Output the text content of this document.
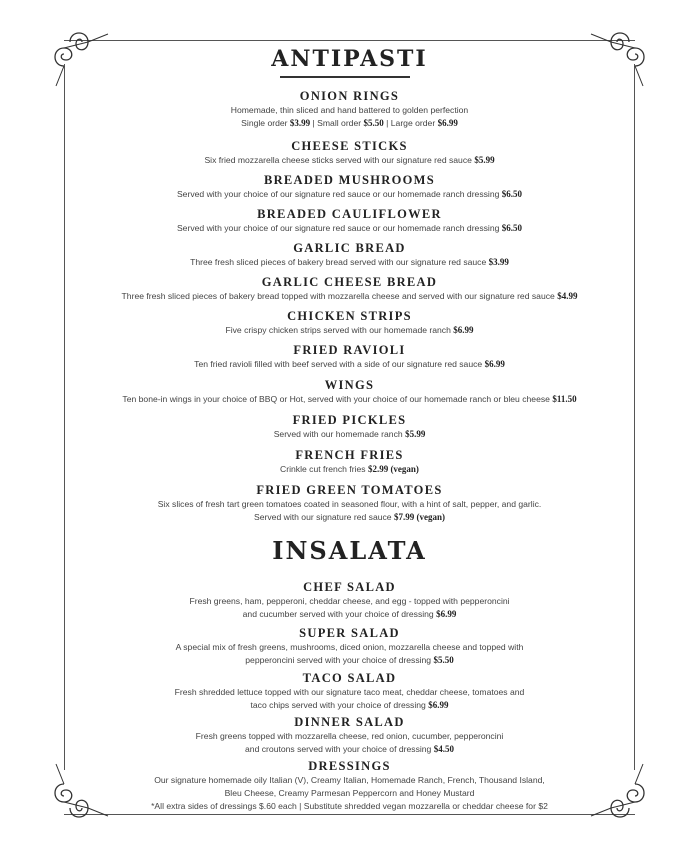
ANTIPASTI
ONION RINGS
Homemade, thin sliced and hand battered to golden perfection
Single order $3.99 | Small order $5.50 | Large order $6.99
CHEESE STICKS
Six fried mozzarella cheese sticks served with our signature red sauce $5.99
BREADED MUSHROOMS
Served with your choice of our signature red sauce or our homemade ranch dressing $6.50
BREADED CAULIFLOWER
Served with your choice of our signature red sauce or our homemade ranch dressing $6.50
GARLIC BREAD
Three fresh sliced pieces of bakery bread served with our signature red sauce $3.99
GARLIC CHEESE BREAD
Three fresh sliced pieces of bakery bread topped with mozzarella cheese and served with our signature red sauce $4.99
CHICKEN STRIPS
Five crispy chicken strips served with our homemade ranch $6.99
FRIED RAVIOLI
Ten fried ravioli filled with beef served with a side of our signature red sauce $6.99
WINGS
Ten bone-in wings in your choice of BBQ or Hot, served with your choice of our homemade ranch or bleu cheese $11.50
FRIED PICKLES
Served with our homemade ranch $5.99
FRENCH FRIES
Crinkle cut french fries $2.99 (vegan)
FRIED GREEN TOMATOES
Six slices of fresh tart green tomatoes coated in seasoned flour, with a hint of salt, pepper, and garlic.
Served with our signature red sauce $7.99 (vegan)
INSALATA
CHEF SALAD
Fresh greens, ham, pepperoni, cheddar cheese, and egg - topped with pepperoncini
and cucumber served with your choice of dressing $6.99
SUPER SALAD
A special mix of fresh greens, mushrooms, diced onion, mozzarella cheese and topped with
pepperoncini served with your choice of dressing $5.50
TACO SALAD
Fresh shredded lettuce topped with our signature taco meat, cheddar cheese, tomatoes and
taco chips served with your choice of dressing $6.99
DINNER SALAD
Fresh greens topped with mozzarella cheese, red onion, cucumber, pepperoncini
and croutons served with your choice of dressing $4.50
DRESSINGS
Our signature homemade oily Italian (V), Creamy Italian, Homemade Ranch, French, Thousand Island,
Bleu Cheese, Creamy Parmesan Peppercorn and Honey Mustard
*All extra sides of dressings $.60 each | Substitute shredded vegan mozzarella or cheddar cheese for $2
